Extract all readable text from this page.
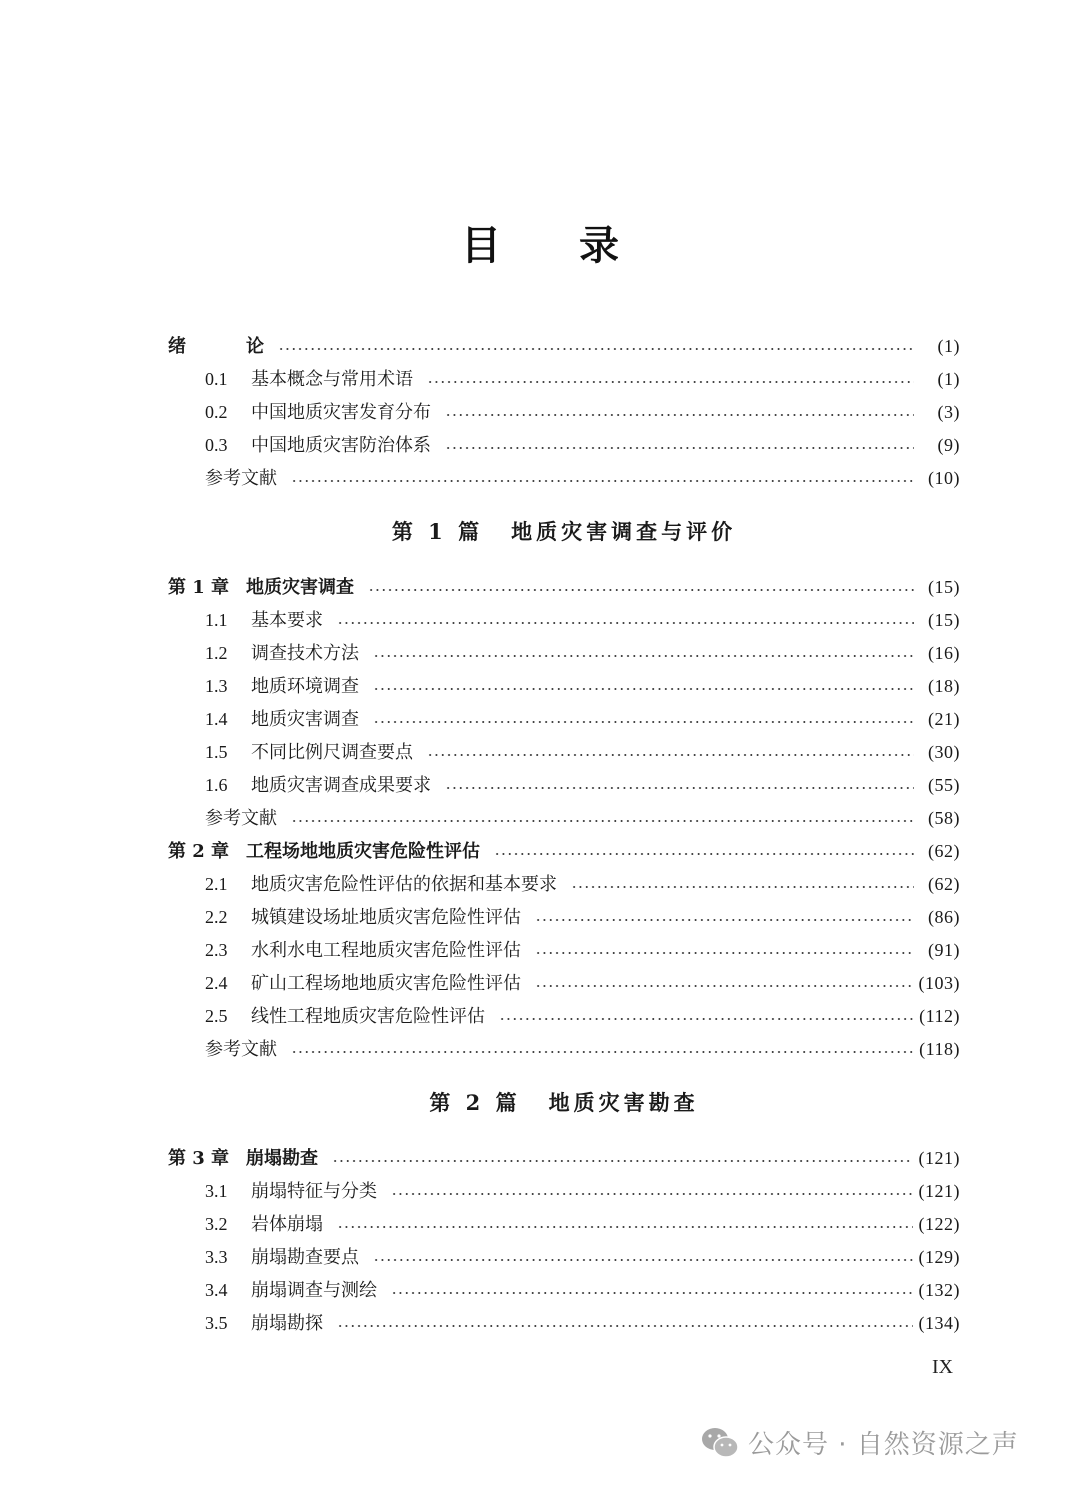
目 录
绪	论	(1)
0.1	基本概念与常用术语	(1)
0.2	中国地质灾害发育分布	(3)
0.3	中国地质灾害防治体系	(9)
参考文献	(10)
第 1 篇 地质灾害调查与评价
第 1 章 地质灾害调查	(15)
1.1	基本要求	(15)
1.2	调查技术方法	(16)
1.3	地质环境调查	(18)
1.4	地质灾害调查	(21)
1.5	不同比例尺调查要点	(30)
1.6	地质灾害调查成果要求	(55)
参考文献	(58)
第 2 章 工程场地地质灾害危险性评估	(62)
2.1	地质灾害危险性评估的依据和基本要求	(62)
2.2	城镇建设场址地质灾害危险性评估	(86)
2.3	水利水电工程地质灾害危险性评估	(91)
2.4	矿山工程场地地质灾害危险性评估	(103)
2.5	线性工程地质灾害危险性评估	(112)
参考文献	(118)
第 2 篇 地质灾害勘查
第 3 章 崩塌勘查	(121)
3.1	崩塌特征与分类	(121)
3.2	岩体崩塌	(122)
3.3	崩塌勘查要点	(129)
3.4	崩塌调查与测绘	(132)
3.5	崩塌勘探	(134)
IX
公众号 · 自然资源之声
